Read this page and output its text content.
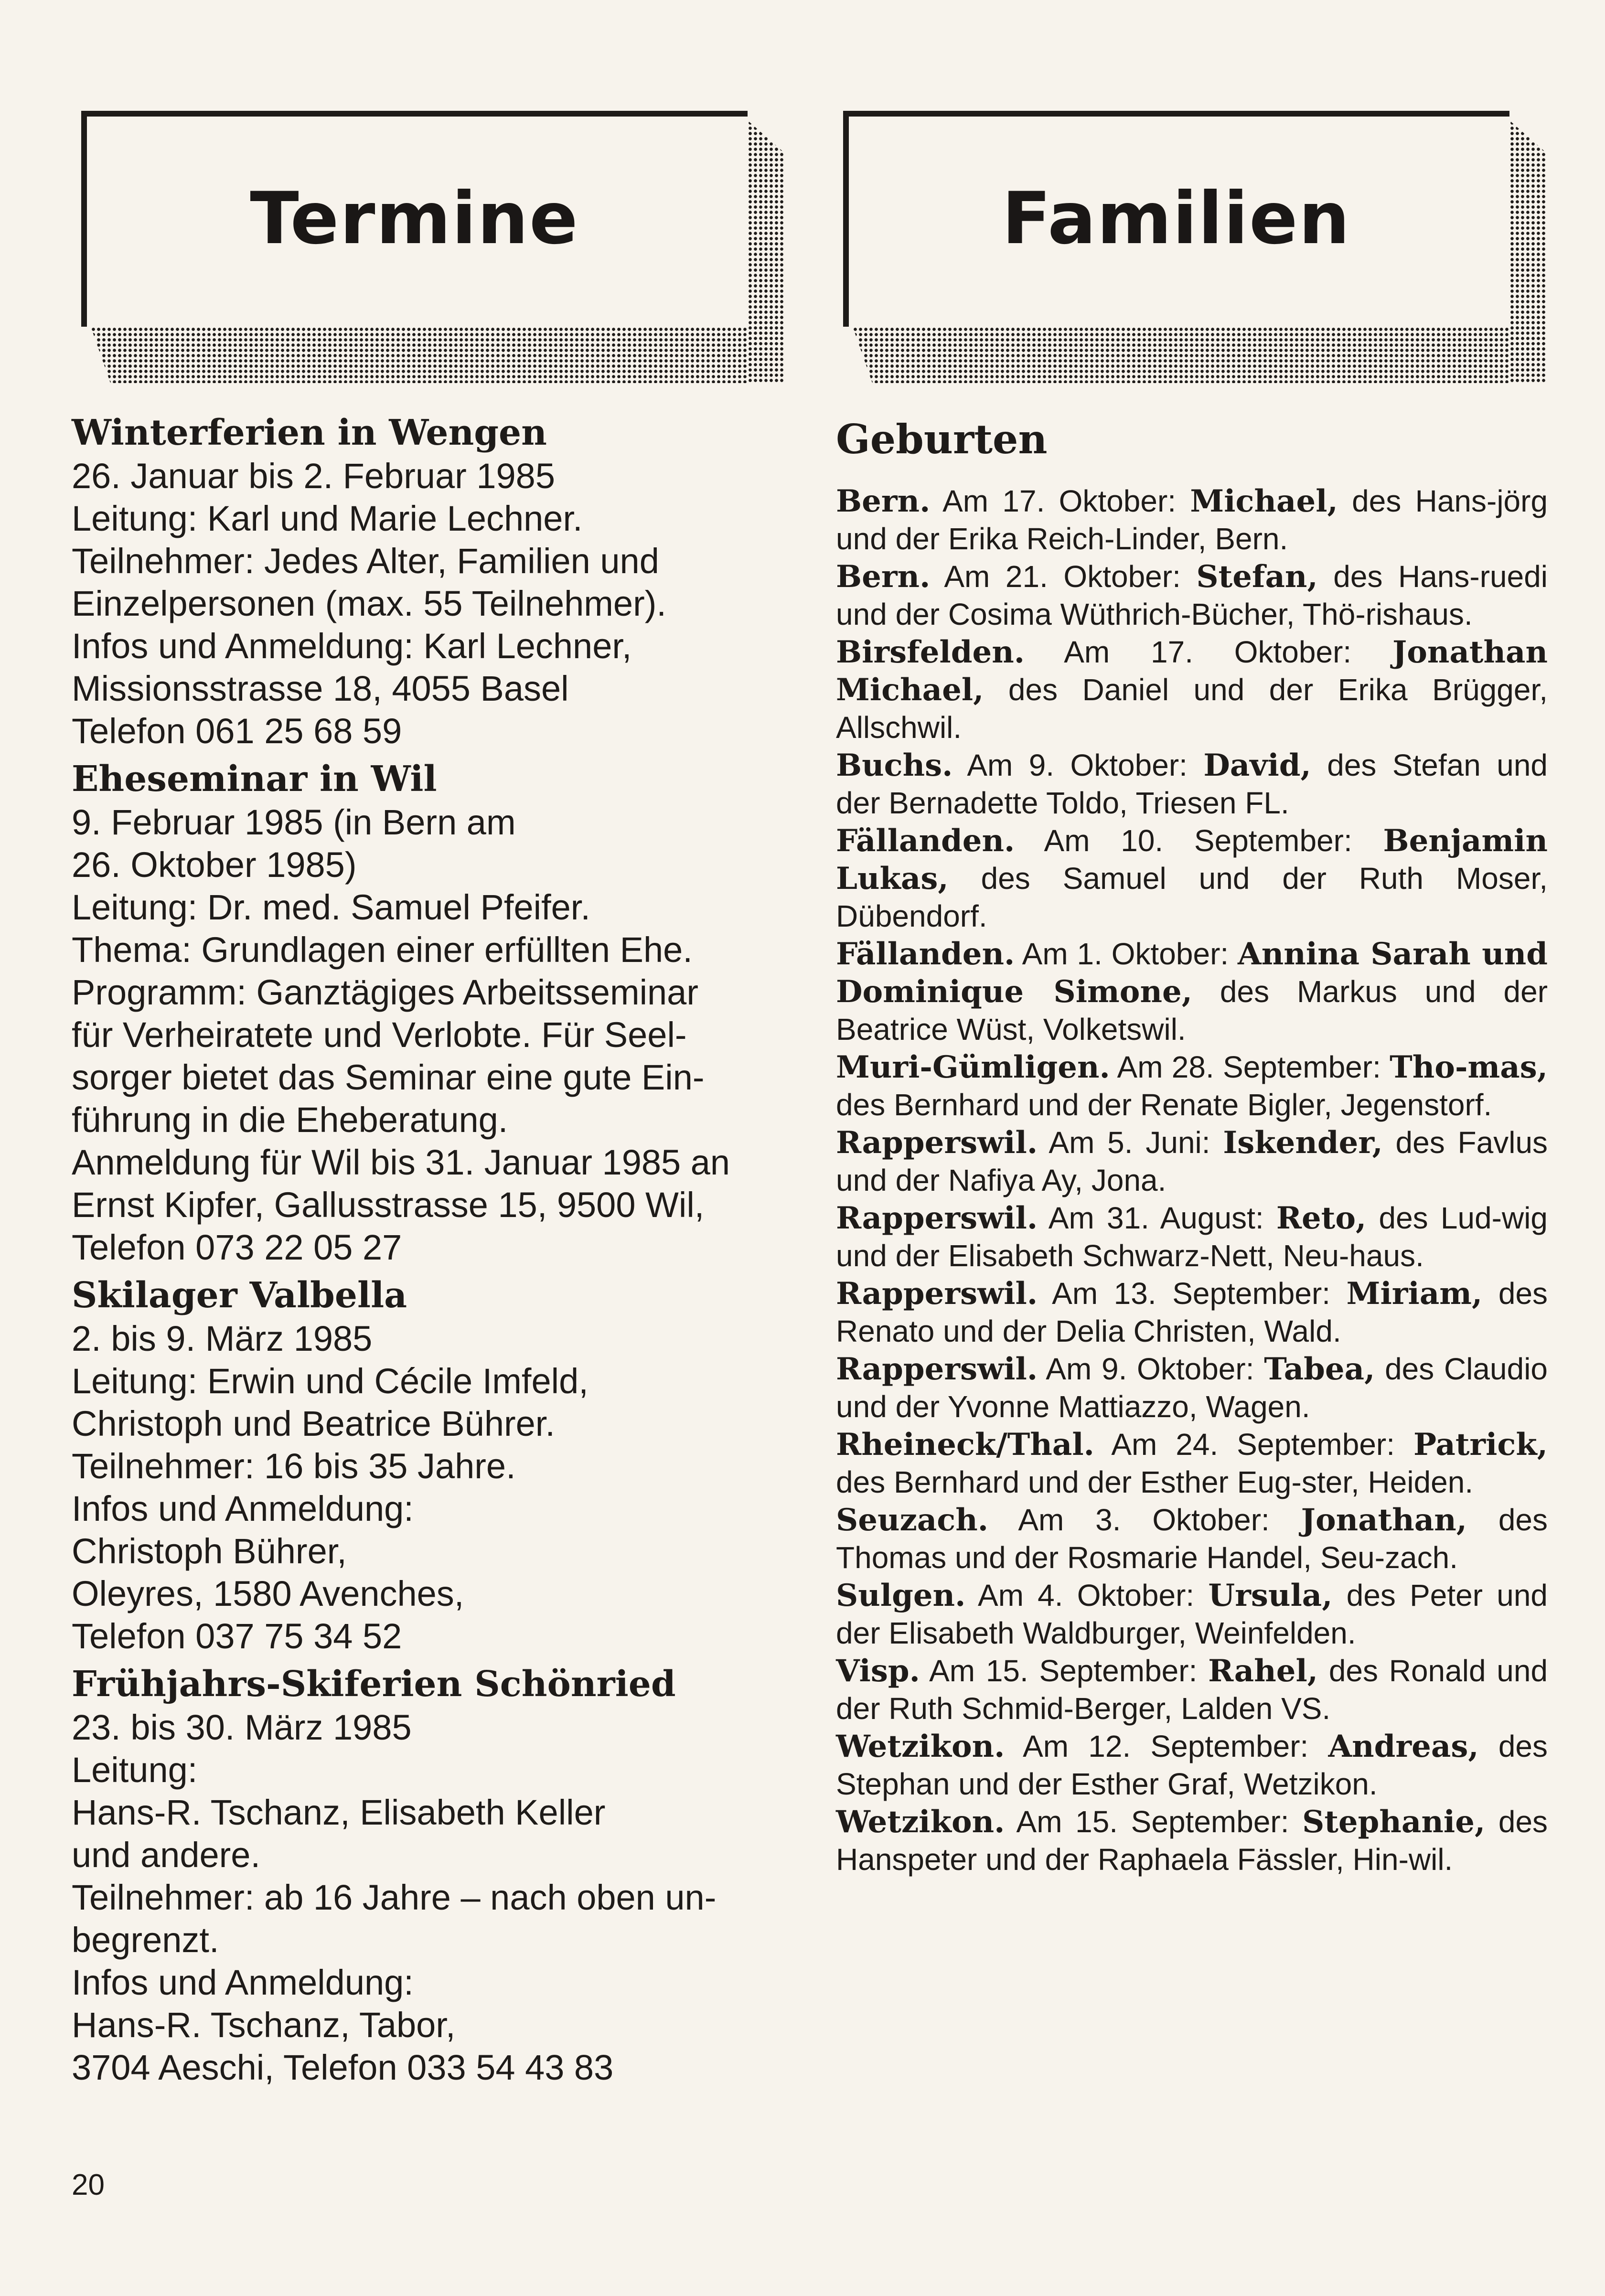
Termine	Familien
Winterferien in Wengen

26. Januar bis 2. Februar 1985

Leitung: Karl und Marie Lechner.

Teilnehmer: Jedes Alter, Familien und

Einzelpersonen (max. 55 Teilnehmer).

Infos und Anmeldung: Karl Lechner,

Missionsstrasse 18, 4055 Basel

Telefon 061 25 68 59

Eheseminar in Wil

9. Februar 1985 (in Bern am

26. Oktober 1985)

Leitung: Dr. med. Samuel Pfeifer.

Thema: Grundlagen einer erfüllten Ehe.

Programm: Ganztägiges Arbeitsseminar

für Verheiratete und Verlobte. Für Seel-

sorger bietet das Seminar eine gute Ein-

führung in die Eheberatung.

Anmeldung für Wil bis 31. Januar 1985 an

Ernst Kipfer, Gallusstrasse 15, 9500 Wil,

Telefon 073 22 05 27

Skilager Valbella

2. bis 9. März 1985

Leitung: Erwin und Cécile Imfeld,

Christoph und Beatrice Bührer.

Teilnehmer: 16 bis 35 Jahre.

Infos und Anmeldung:

Christoph Bührer,

Oleyres, 1580 Avenches,

Telefon 037 75 34 52

Frühjahrs-Skiferien Schönried

23. bis 30. März 1985

Leitung:

Hans-R. Tschanz, Elisabeth Keller

und andere.

Teilnehmer: ab 16 Jahre – nach oben un-

begrenzt.

Infos und Anmeldung:

Hans-R. Tschanz, Tabor,

3704 Aeschi, Telefon 033 54 43 83

Geburten

Bern. Am 17. Oktober: Michael, des Hans-jörg und der Erika Reich-Linder, Bern.

Bern. Am 21. Oktober: Stefan, des Hans-ruedi und der Cosima Wüthrich-Bücher, Thö-rishaus.

Birsfelden. Am 17. Oktober: Jonathan Michael, des Daniel und der Erika Brügger, Allschwil.

Buchs. Am 9. Oktober: David, des Stefan und der Bernadette Toldo, Triesen FL.

Fällanden. Am 10. September: Benjamin Lukas, des Samuel und der Ruth Moser, Dübendorf.

Fällanden. Am 1. Oktober: Annina Sarah und Dominique Simone, des Markus und der Beatrice Wüst, Volketswil.

Muri-Gümligen. Am 28. September: Tho-mas, des Bernhard und der Renate Bigler, Jegenstorf.

Rapperswil. Am 5. Juni: Iskender, des Favlus und der Nafiya Ay, Jona.

Rapperswil. Am 31. August: Reto, des Lud-wig und der Elisabeth Schwarz-Nett, Neu-haus.

Rapperswil. Am 13. September: Miriam, des Renato und der Delia Christen, Wald.

Rapperswil. Am 9. Oktober: Tabea, des Claudio und der Yvonne Mattiazzo, Wagen.

Rheineck/Thal. Am 24. September: Patrick, des Bernhard und der Esther Eug-ster, Heiden.

Seuzach. Am 3. Oktober: Jonathan, des Thomas und der Rosmarie Handel, Seu-zach.

Sulgen. Am 4. Oktober: Ursula, des Peter und der Elisabeth Waldburger, Weinfelden.

Visp. Am 15. September: Rahel, des Ronald und der Ruth Schmid-Berger, Lalden VS.

Wetzikon. Am 12. September: Andreas, des Stephan und der Esther Graf, Wetzikon.

Wetzikon. Am 15. September: Stephanie, des Hanspeter und der Raphaela Fässler, Hin-wil.

20
